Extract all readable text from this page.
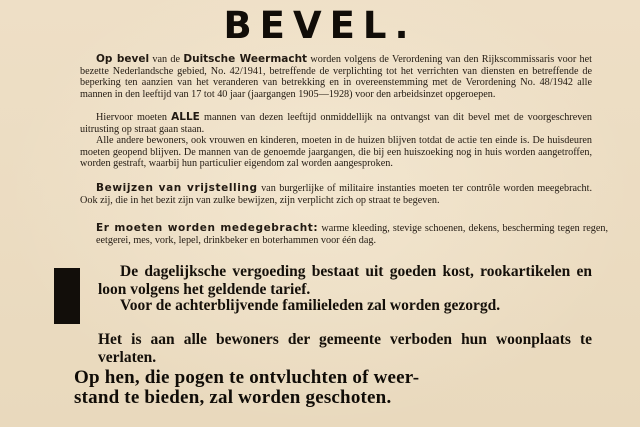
BEVEL.
Op bevel van de Duitsche Weermacht worden volgens de Verordening van den Rijkscommissaris voor het bezette Nederlandsche gebied, No. 42/1941, betreffende de verplichting tot het verrichten van diensten en betreffende de beperking ten aanzien van het veranderen van betrekking en in overeenstemming met de Verordening No. 48/1942 alle mannen in den leeftijd van 17 tot 40 jaar (jaargangen 1905—1928) voor den arbeidsinzet opgeroepen.
Hiervoor moeten ALLE mannen van dezen leeftijd onmiddellijk na ontvangst van dit bevel met de voorgeschreven uitrusting op straat gaan staan.
Alle andere bewoners, ook vrouwen en kinderen, moeten in de huizen blijven totdat de actie ten einde is. De huisdeuren moeten geopend blijven. De mannen van de genoemde jaargangen, die bij een huiszoeking nog in huis worden aangetroffen, worden gestraft, waarbij hun particulier eigendom zal worden aangesproken.
Bewijzen van vrijstelling van burgerlijke of militaire instanties moeten ter contrôle worden meegebracht. Ook zij, die in het bezit zijn van zulke bewijzen, zijn verplicht zich op straat te begeven.
Er moeten worden medegebracht: warme kleeding, stevige schoenen, dekens, bescherming tegen regen, eetgerei, mes, vork, lepel, drinkbeker en boterhammen voor één dag.
De dagelijksche vergoeding bestaat uit goeden kost, rookartikelen en loon volgens het geldende tarief.
Voor de achterblijvende familieleden zal worden gezorgd.
Het is aan alle bewoners der gemeente verboden hun woonplaats te verlaten.

Op hen, die pogen te ontvluchten of weer-

stand te bieden, zal worden geschoten.
